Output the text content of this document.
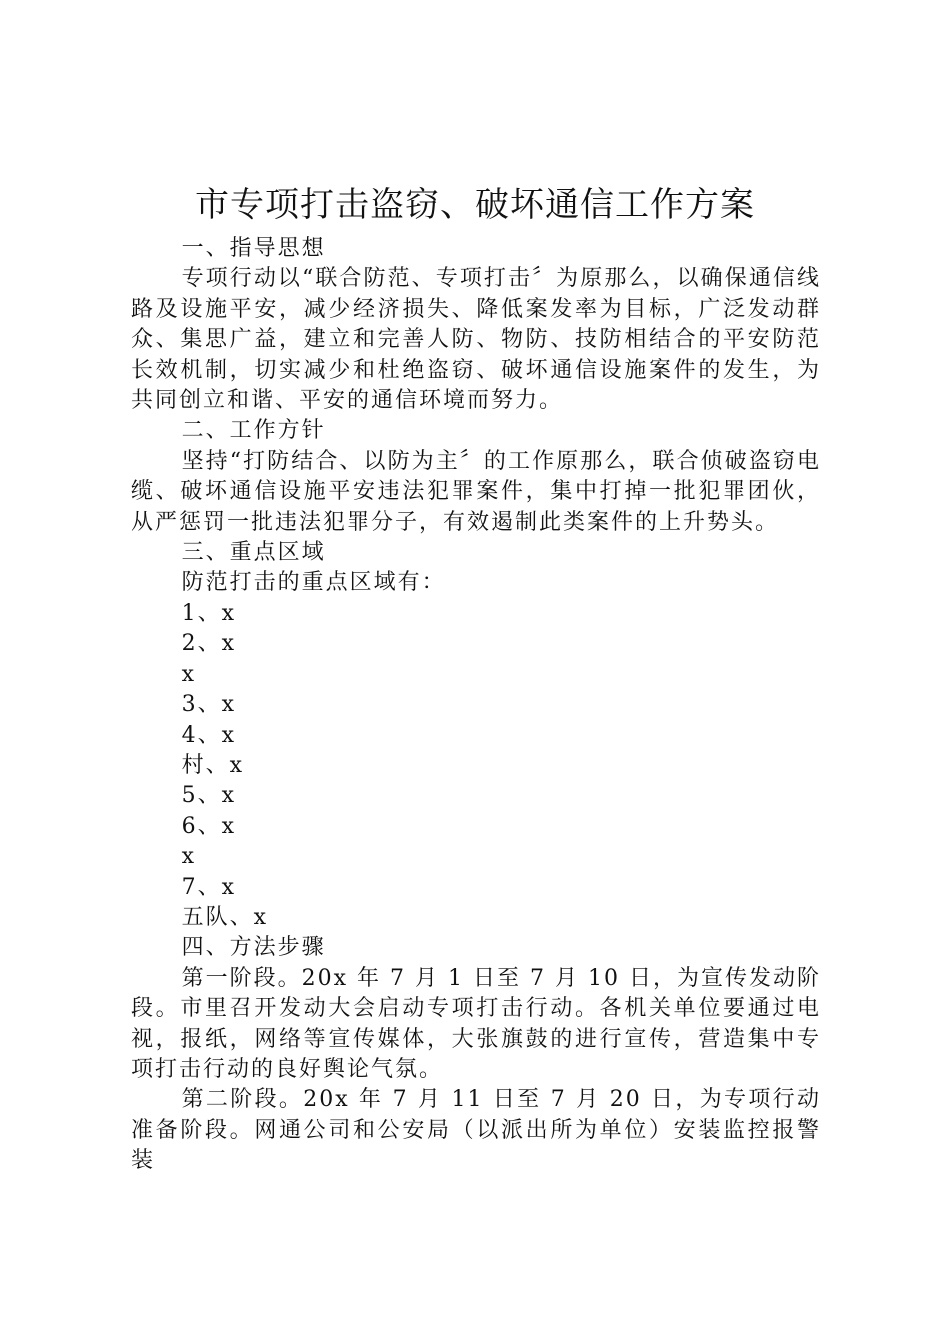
市专项打击盗窃、破坏通信工作方案

一、指导思想

专项行动以“联合防范、专项打击〞为原那么，以确保通信线路及设施平安，减少经济损失、降低案发率为目标，广泛发动群众、集思广益，建立和完善人防、物防、技防相结合的平安防范长效机制，切实减少和杜绝盗窃、破坏通信设施案件的发生，为共同创立和谐、平安的通信环境而努力。

二、工作方针

坚持“打防结合、以防为主〞的工作原那么，联合侦破盗窃电缆、破坏通信设施平安违法犯罪案件，集中打掉一批犯罪团伙，从严惩罚一批违法犯罪分子，有效遏制此类案件的上升势头。

三、重点区域

防范打击的重点区域有：

1、x

2、x

x

3、x

4、x

村、x

5、x

6、x

x

7、x

五队、x

四、方法步骤

第一阶段。20x 年 7 月 1 日至 7 月 10 日，为宣传发动阶段。市里召开发动大会启动专项打击行动。各机关单位要通过电视，报纸，网络等宣传媒体，大张旗鼓的进行宣传，营造集中专项打击行动的良好舆论气氛。

第二阶段。20x 年 7 月 11 日至 7 月 20 日，为专项行动准备阶段。网通公司和公安局（以派出所为单位）安装监控报警装
